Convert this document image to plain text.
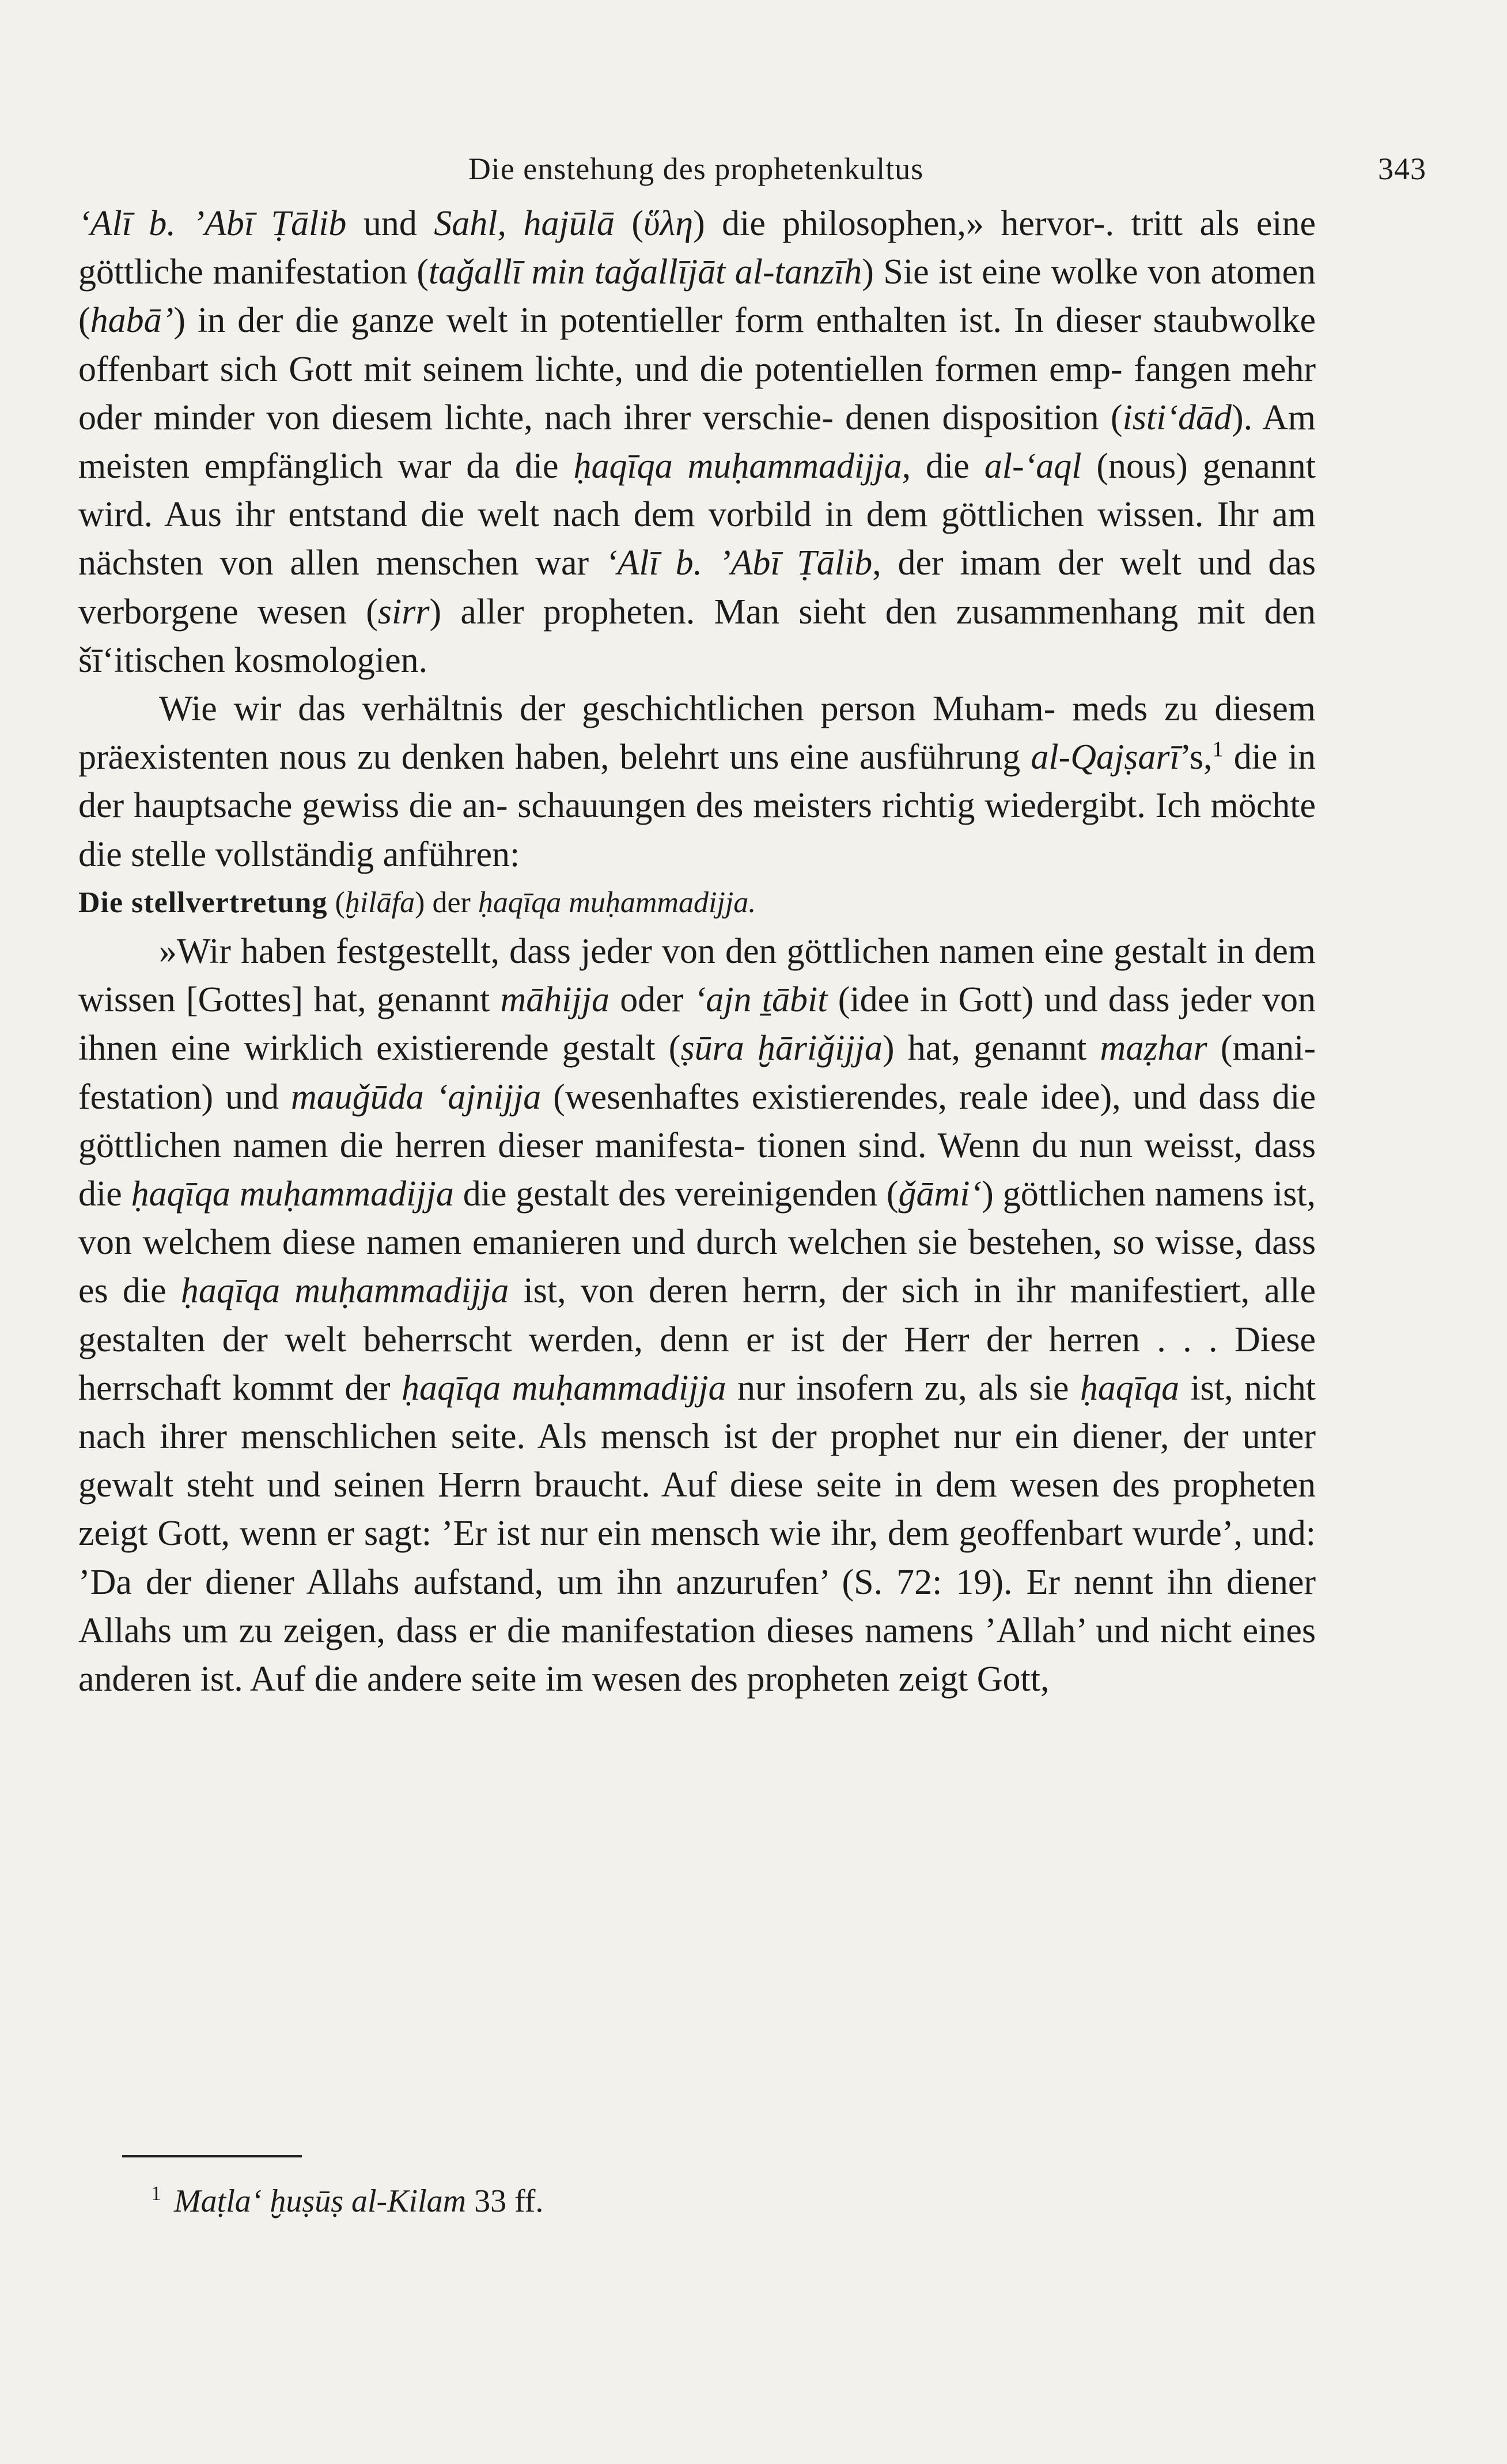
Die enstehung des prophetenkultus	343

‘Alī b. ’Abī Ṭālib und Sahl, hajūlā (ὕλη) die philosophen,» hervor-. tritt als eine göttliche manifestation (taǧallī min taǧallījāt al-tanzīh) Sie ist eine wolke von atomen (habā’) in der die ganze welt in potentieller form enthalten ist. In dieser staubwolke offenbart sich Gott mit seinem lichte, und die potentiellen formen emp- fangen mehr oder minder von diesem lichte, nach ihrer verschie- denen disposition (isti‘dād). Am meisten empfänglich war da die ḥaqīqa muḥammadijja, die al-‘aql (nous) genannt wird. Aus ihr entstand die welt nach dem vorbild in dem göttlichen wissen. Ihr am nächsten von allen menschen war ‘Alī b. ’Abī Ṭālib, der imam der welt und das verborgene wesen (sirr) aller propheten. Man sieht den zusammenhang mit den šī‘itischen kosmologien.

Wie wir das verhältnis der geschichtlichen person Muham- meds zu diesem präexistenten nous zu denken haben, belehrt uns eine ausführung al-Qajṣarī’s,$^1$ die in der hauptsache gewiss die an- schauungen des meisters richtig wiedergibt. Ich möchte die stelle vollständig anführen:

Die stellvertretung (ḫilāfa) der ḥaqīqa muḥammadijja.

»Wir haben festgestellt, dass jeder von den göttlichen namen eine gestalt in dem wissen [Gottes] hat, genannt māhijja oder ‘ajn ṯābit (idee in Gott) und dass jeder von ihnen eine wirklich existierende gestalt (ṣūra ḫāriǧijja) hat, genannt maẓhar (mani- festation) und mauǧūda ‘ajnijja (wesenhaftes existierendes, reale idee), und dass die göttlichen namen die herren dieser manifesta- tionen sind. Wenn du nun weisst, dass die ḥaqīqa muḥammadijja die gestalt des vereinigenden (ǧāmi‘) göttlichen namens ist, von welchem diese namen emanieren und durch welchen sie bestehen, so wisse, dass es die ḥaqīqa muḥammadijja ist, von deren herrn, der sich in ihr manifestiert, alle gestalten der welt beherrscht werden, denn er ist der Herr der herren . . . Diese herrschaft kommt der ḥaqīqa muḥammadijja nur insofern zu, als sie ḥaqīqa ist, nicht nach ihrer menschlichen seite. Als mensch ist der prophet nur ein diener, der unter gewalt steht und seinen Herrn braucht. Auf diese seite in dem wesen des propheten zeigt Gott, wenn er sagt: ’Er ist nur ein mensch wie ihr, dem geoffenbart wurde’, und: ’Da der diener Allahs aufstand, um ihn anzurufen’ (S. 72: 19). Er nennt ihn diener Allahs um zu zeigen, dass er die manifestation dieses namens ’Allah’ und nicht eines anderen ist. Auf die andere seite im wesen des propheten zeigt Gott,

$^1$ Maṭla‘ ḫuṣūṣ al-Kilam 33 ff.
